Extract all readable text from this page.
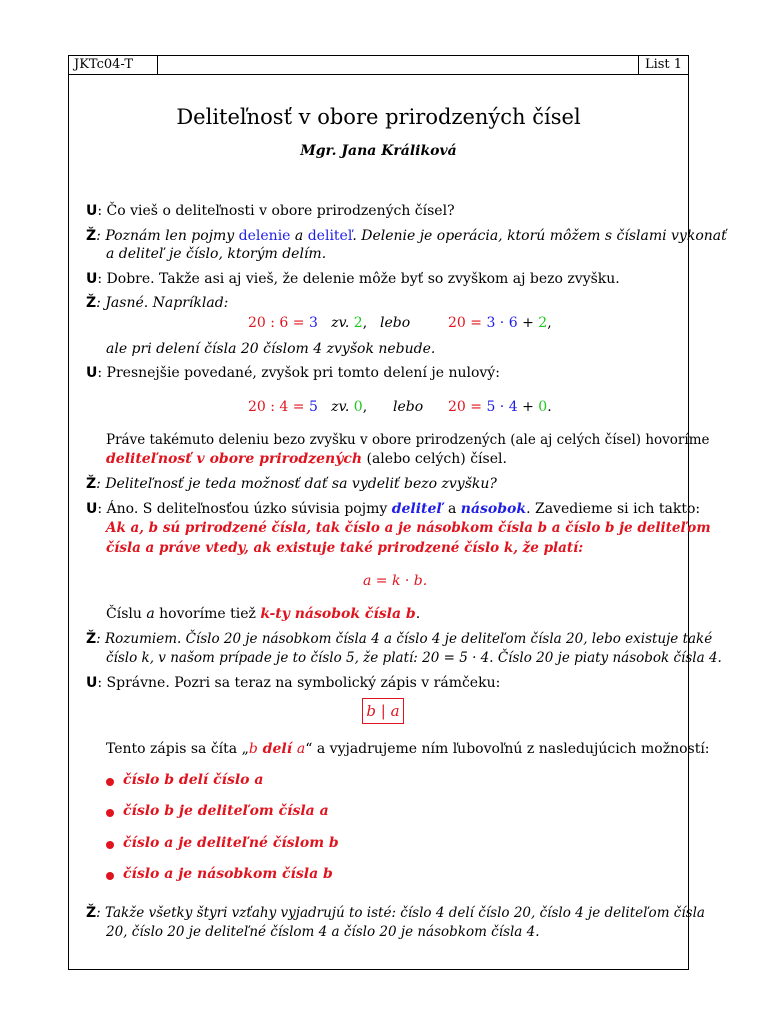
JKTc04-T	List 1
Deliteľnosť v obore prirodzených čísel
Mgr. Jana Králiková
U: Čo vieš o deliteľnosti v obore prirodzených čísel?
Ž: Poznám len pojmy delenie a deliteľ. Delenie je operácia, ktorú môžem s číslami vykonať
a deliteľ je číslo, ktorým delím.
U: Dobre. Takže asi aj vieš, že delenie môže byť so zvyškom aj bezo zvyšku.
Ž: Jasné. Napríklad:
20 : 6 = 3 zv. 2, lebo	20 = 3 · 6 + 2,
ale pri delení čísla 20 číslom 4 zvyšok nebude.
U: Presnejšie povedané, zvyšok pri tomto delení je nulový:
20 : 4 = 5 zv. 0, lebo 20 = 5 · 4 + 0.
Práve takémuto deleniu bezo zvyšku v obore prirodzených (ale aj celých čísel) hovoríme
deliteľnosť v obore prirodzených (alebo celých) čísel.
Ž: Deliteľnosť je teda možnosť dať sa vydeliť bezo zvyšku?
U: Áno. S deliteľnosťou úzko súvisia pojmy deliteľ a násobok. Zavedieme si ich takto:
Ak a, b sú prirodzené čísla, tak číslo a je násobkom čísla b a číslo b je deliteľom
čísla a práve vtedy, ak existuje také prirodzené číslo k, že platí:
a = k · b.
Číslu a hovoríme tiež k-ty násobok čísla b.
Ž: Rozumiem. Číslo 20 je násobkom čísla 4 a číslo 4 je deliteľom čísla 20, lebo existuje také
číslo k, v našom prípade je to číslo 5, že platí: 20 = 5 · 4. Číslo 20 je piaty násobok čísla 4.
U: Správne. Pozri sa teraz na symbolický zápis v rámčeku:
b | a
Tento zápis sa číta „b delí a“ a vyjadrujeme ním ľubovoľnú z nasledujúcich možností:
číslo b delí číslo a
číslo b je deliteľom čísla a
číslo a je deliteľné číslom b
číslo a je násobkom čísla b
Ž: Takže všetky štyri vzťahy vyjadrujú to isté: číslo 4 delí číslo 20, číslo 4 je deliteľom čísla
20, číslo 20 je deliteľné číslom 4 a číslo 20 je násobkom čísla 4.
